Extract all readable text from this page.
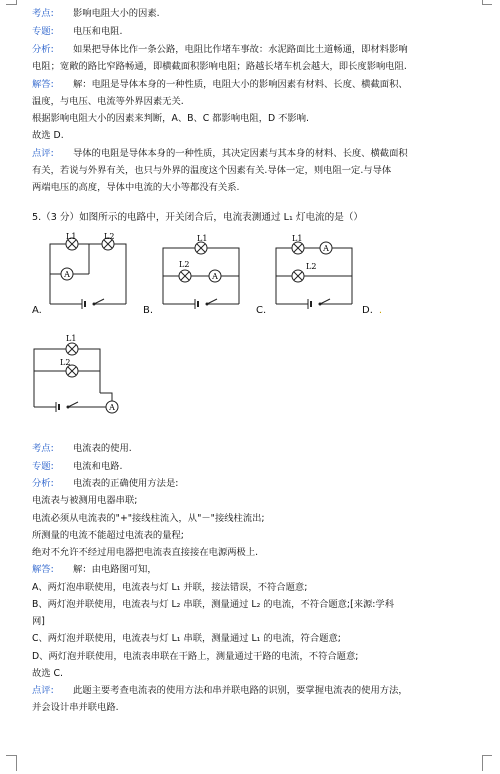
考点: 影响电阻大小的因素.
专题: 电压和电阻.
分析: 如果把导体比作一条公路，电阻比作堵车事故：水泥路面比土道畅通，即材料影响
电阻；宽敞的路比窄路畅通，即横截面积影响电阻；路越长堵车机会越大，即长度影响电阻.
解答: 解：电阻是导体本身的一种性质，电阻大小的影响因素有材料、长度、横截面积、
温度，与电压、电流等外界因素无关.
根据影响电阻大小的因素来判断，A、B、C 都影响电阻，D 不影响.
故选 D.
点评: 导体的电阻是导体本身的一种性质，其决定因素与其本身的材料、长度、横截面积
有关，若说与外界有关，也只与外界的温度这个因素有关.导体一定，则电阻一定.与导体
两端电压的高度，导体中电流的大小等都没有关系.
5.（3 分）如图所示的电路中，开关闭合后，电流表测通过 L₁ 灯电流的是（）
A
L1	L2
A.
A
L1
L2
B.
A
L1
L2
C.	D. .
A
L1
L2
考点: 电流表的使用.
专题: 电流和电路.
分析: 电流表的正确使用方法是:
电流表与被测用电器串联;
电流必须从电流表的"+"接线柱流入，从"－"接线柱流出;
所测量的电流不能超过电流表的量程;
绝对不允许不经过用电器把电流表直接接在电源两极上.
解答: 解：由电路图可知，
A、两灯泡串联使用，电流表与灯 L₁ 并联，接法错误，不符合题意;
B、两灯泡并联使用，电流表与灯 L₂ 串联，测量通过 L₂ 的电流，不符合题意;[来源:学科
网]
C、两灯泡并联使用，电流表与灯 L₁ 串联，测量通过 L₁ 的电流，符合题意;
D、两灯泡并联使用，电流表串联在干路上，测量通过干路的电流，不符合题意;
故选 C.
点评: 此题主要考查电流表的使用方法和串并联电路的识别，要掌握电流表的使用方法，
并会设计串并联电路.
